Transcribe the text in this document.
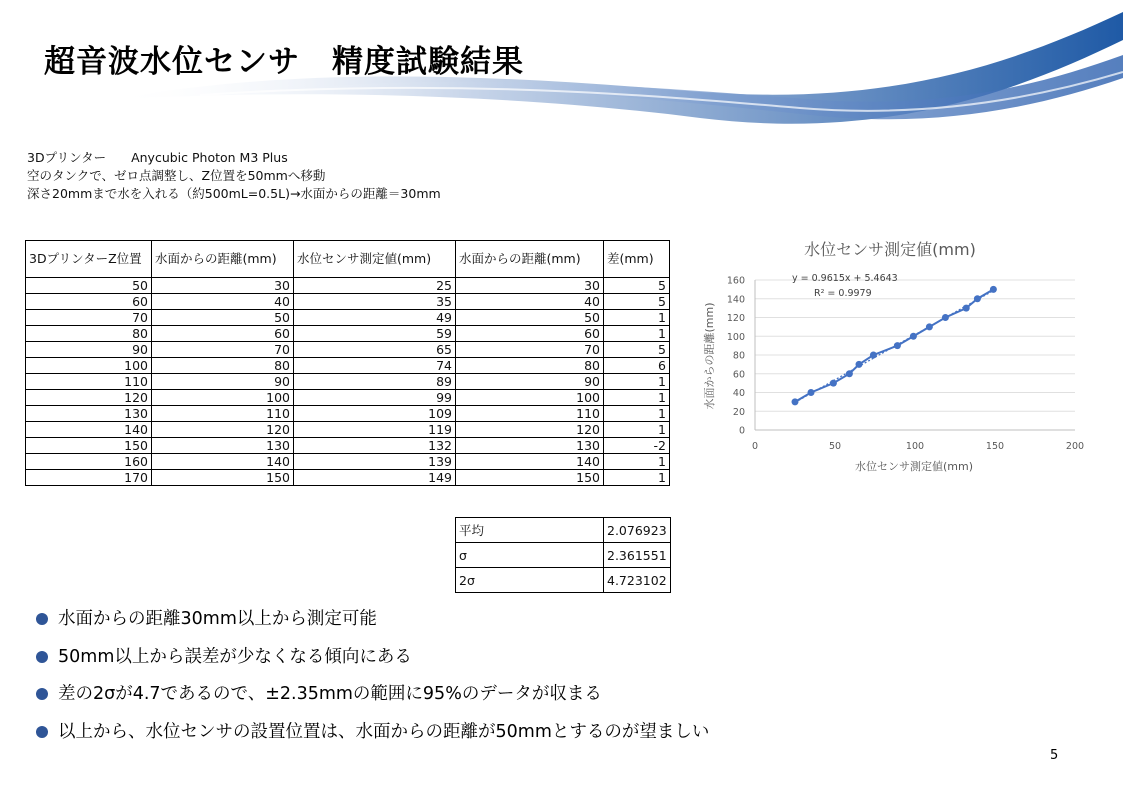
超音波水位センサ　精度試験結果
3Dプリンター　　Anycubic Photon M3 Plus
空のタンクで、ゼロ点調整し、Z位置を50mmへ移動
深さ20mmまで水を入れる（約500mL=0.5L)→水面からの距離＝30mm
3DプリンターZ位置	水面からの距離(mm)	水位センサ測定値(mm)	水面からの距離(mm)	差(mm)
50	30	25	30	5
60	40	35	40	5
70	50	49	50	1
80	60	59	60	1
90	70	65	70	5
100	80	74	80	6
110	90	89	90	1
120	100	99	100	1
130	110	109	110	1
140	120	119	120	1
150	130	132	130	-2
160	140	139	140	1
170	150	149	150	1
平均	2.076923
σ	2.361551
2σ	4.723102
水位センサ測定値(mm)
0
20
40
60
80
100
120
140
160
0	50	100	150	200
y = 0.9615x + 5.4643
R² = 0.9979
水位センサ測定値(mm)
水面からの距離(mm)
水面からの距離30mm以上から測定可能
50mm以上から誤差が少なくなる傾向にある
差の2σが4.7であるので、±2.35mmの範囲に95%のデータが収まる
以上から、水位センサの設置位置は、水面からの距離が50mmとするのが望ましい
5
